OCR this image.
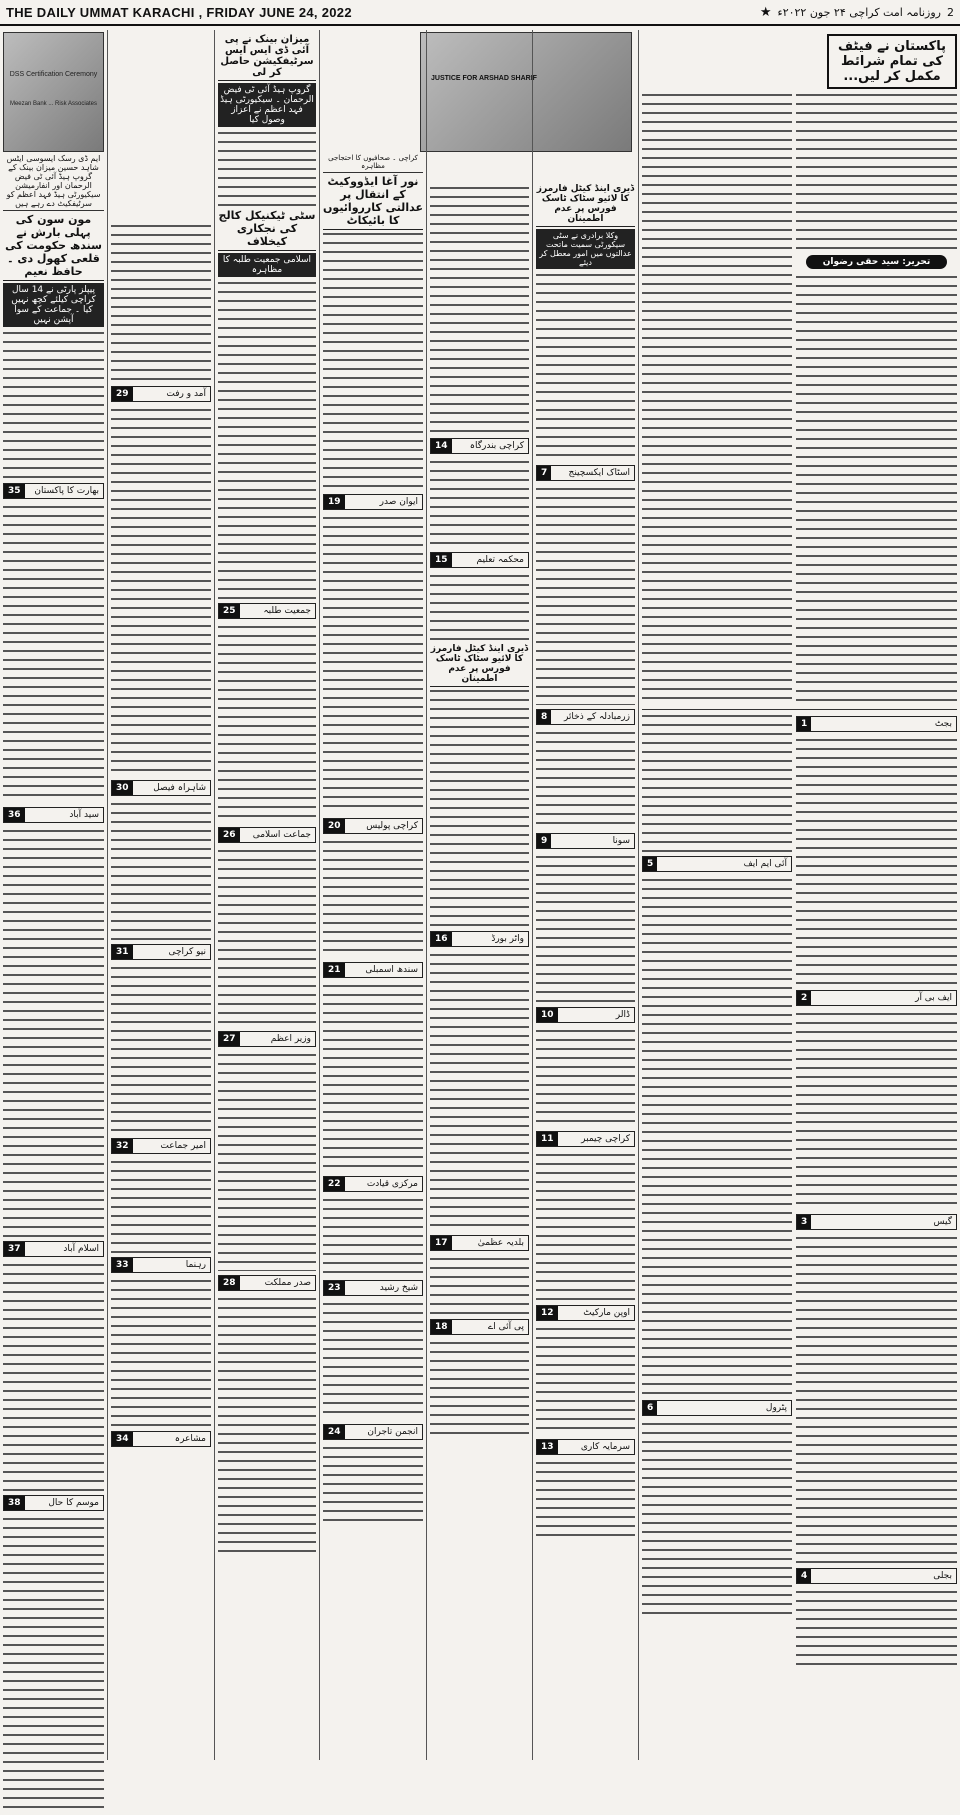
THE DAILY UMMAT KARACHI , FRIDAY JUNE 24, 2022	2
روزنامہ امت کراچی ۲۴ جون ۲۰۲۲ء
★
DSS Certification Ceremony
Meezan Bank ... Risk Associates
ایم ڈی رسک ایسوسی ایٹس شاہد حسین میزان بینک کے گروپ ہیڈ آئی ٹی فیض الرحمان اور انفارمیشن سیکیورٹی ہیڈ فہد اعظم کو سرٹیفکیٹ دے رہے ہیں
مون سون کی پہلی بارش نے سندھ حکومت کی قلعی کھول دی ۔ حافظ نعیم
پیپلز پارٹی نے 14 سال کراچی کیلئے کچھ نہیں کیا ۔ جماعت کے سوا آپشن نہیں
بھارت کا پاکستان
35
سید آباد
36
اسلام آباد
37
موسم کا حال
38
آمد و رفت
29
شاہراہ فیصل
30
نیو کراچی
31
امیر جماعت
32
رہنما
33
مشاعرہ
34
میزان بینک نے پی آئی ڈی ایس ایس سرٹیفکیشن حاصل کر لی
گروپ ہیڈ آئی ٹی فیض الرحمان ۔ سیکیورٹی ہیڈ فہد اعظم نے اعزاز وصول کیا
سٹی ٹیکنیکل کالج کی نجکاری کیخلاف
اسلامی جمعیت طلبہ کا مظاہرہ
جمعیت طلبہ
25
جماعت اسلامی
26
وزیر اعظم
27
صدر مملکت
28
JUSTICE FOR ARSHAD SHARIF
کراچی ۔ صحافیوں کا احتجاجی مظاہرہ
نور آغا ایڈووکیٹ کے انتقال پر عدالتی کارروائیوں کا بائیکاٹ
ایوان صدر
19
کراچی پولیس
20
سندھ اسمبلی
21
مرکزی قیادت
22
شیخ رشید
23
انجمن تاجران
24
کراچی بندرگاہ
14
محکمہ تعلیم
15
ڈیری اینڈ کیٹل فارمرز کا لائیو سٹاک ٹاسک فورس پر عدم اطمینان
واٹر بورڈ
16
بلدیہ عظمیٰ
17
پی آئی اے
18
ڈیری اینڈ کیٹل فارمرز کا لائیو سٹاک ٹاسک فورس پر عدم اطمینان
وکلا برادری نے سٹی سیکورٹی سمیت ماتحت عدالتوں میں امور معطل کر دیئے
اسٹاک ایکسچینج
7
زرمبادلہ کے ذخائر
8
سونا
9
ڈالر
10
کراچی چیمبر
11
اوپن مارکیٹ
12
سرمایہ کاری
13
پاکستان نے فیٹف کی تمام شرائط مکمل کر لیں...
تحریر: سید حقی رضوان
آئی ایم ایف
5
پٹرول
6
بجٹ
1
ایف بی آر
2
گیس
3
بجلی
4
